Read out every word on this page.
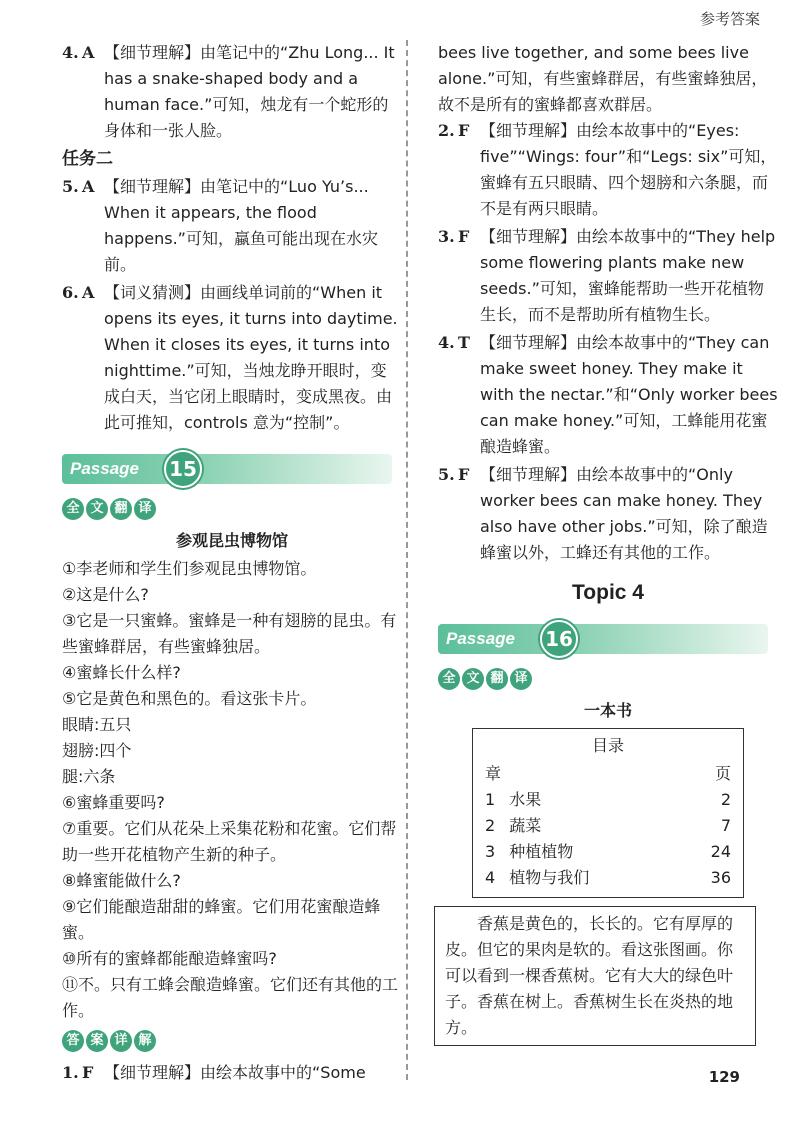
参考答案
4. A 【细节理解】由笔记中的“Zhu Long... It has a snake-shaped body and a human face.”可知，烛龙有一个蛇形的身体和一张人脸。
任务二
5. A 【细节理解】由笔记中的“Luo Yu’s... When it appears, the flood happens.”可知，蠃鱼可能出现在水灾前。
6. A 【词义猜测】由画线单词前的“When it opens its eyes, it turns into daytime. When it closes its eyes, it turns into nighttime.”可知，当烛龙睁开眼时，变成白天，当它闭上眼睛时，变成黑夜。由此可推知，controls 意为“控制”。
Passage 15
全 文 翻 译
参观昆虫博物馆

①李老师和学生们参观昆虫博物馆。

②这是什么?

③它是一只蜜蜂。蜜蜂是一种有翅膀的昆虫。有些蜜蜂群居，有些蜜蜂独居。

④蜜蜂长什么样?

⑤它是黄色和黑色的。看这张卡片。

眼睛:五只

翅膀:四个

腿:六条

⑥蜜蜂重要吗?

⑦重要。它们从花朵上采集花粉和花蜜。它们帮助一些开花植物产生新的种子。

⑧蜂蜜能做什么?

⑨它们能酿造甜甜的蜂蜜。它们用花蜜酿造蜂蜜。

⑩所有的蜜蜂都能酿造蜂蜜吗?

⑪不。只有工蜂会酿造蜂蜜。它们还有其他的工作。

答 案 详 解
1. F 【细节理解】由绘本故事中的“Some

bees live together, and some bees live alone.”可知，有些蜜蜂群居，有些蜜蜂独居，故不是所有的蜜蜂都喜欢群居。

2. F 【细节理解】由绘本故事中的“Eyes: five”“Wings: four”和“Legs: six”可知，蜜蜂有五只眼睛、四个翅膀和六条腿，而不是有两只眼睛。
3. F 【细节理解】由绘本故事中的“They help some flowering plants make new seeds.”可知，蜜蜂能帮助一些开花植物生长，而不是帮助所有植物生长。
4. T 【细节理解】由绘本故事中的“They can make sweet honey. They make it with the nectar.”和“Only worker bees can make honey.”可知，工蜂能用花蜜酿造蜂蜜。
5. F 【细节理解】由绘本故事中的“Only worker bees can make honey. They also have other jobs.”可知，除了酿造蜂蜜以外，工蜂还有其他的工作。
Topic 4
Passage 16
全 文 翻 译
一本书
目录
章	页
1 水果	2
2 蔬菜	7
3 种植植物	24
4 植物与我们	36

香蕉是黄色的，长长的。它有厚厚的皮。但它的果肉是软的。看这张图画。你可以看到一棵香蕉树。它有大大的绿色叶子。香蕉在树上。香蕉树生长在炎热的地方。

129
